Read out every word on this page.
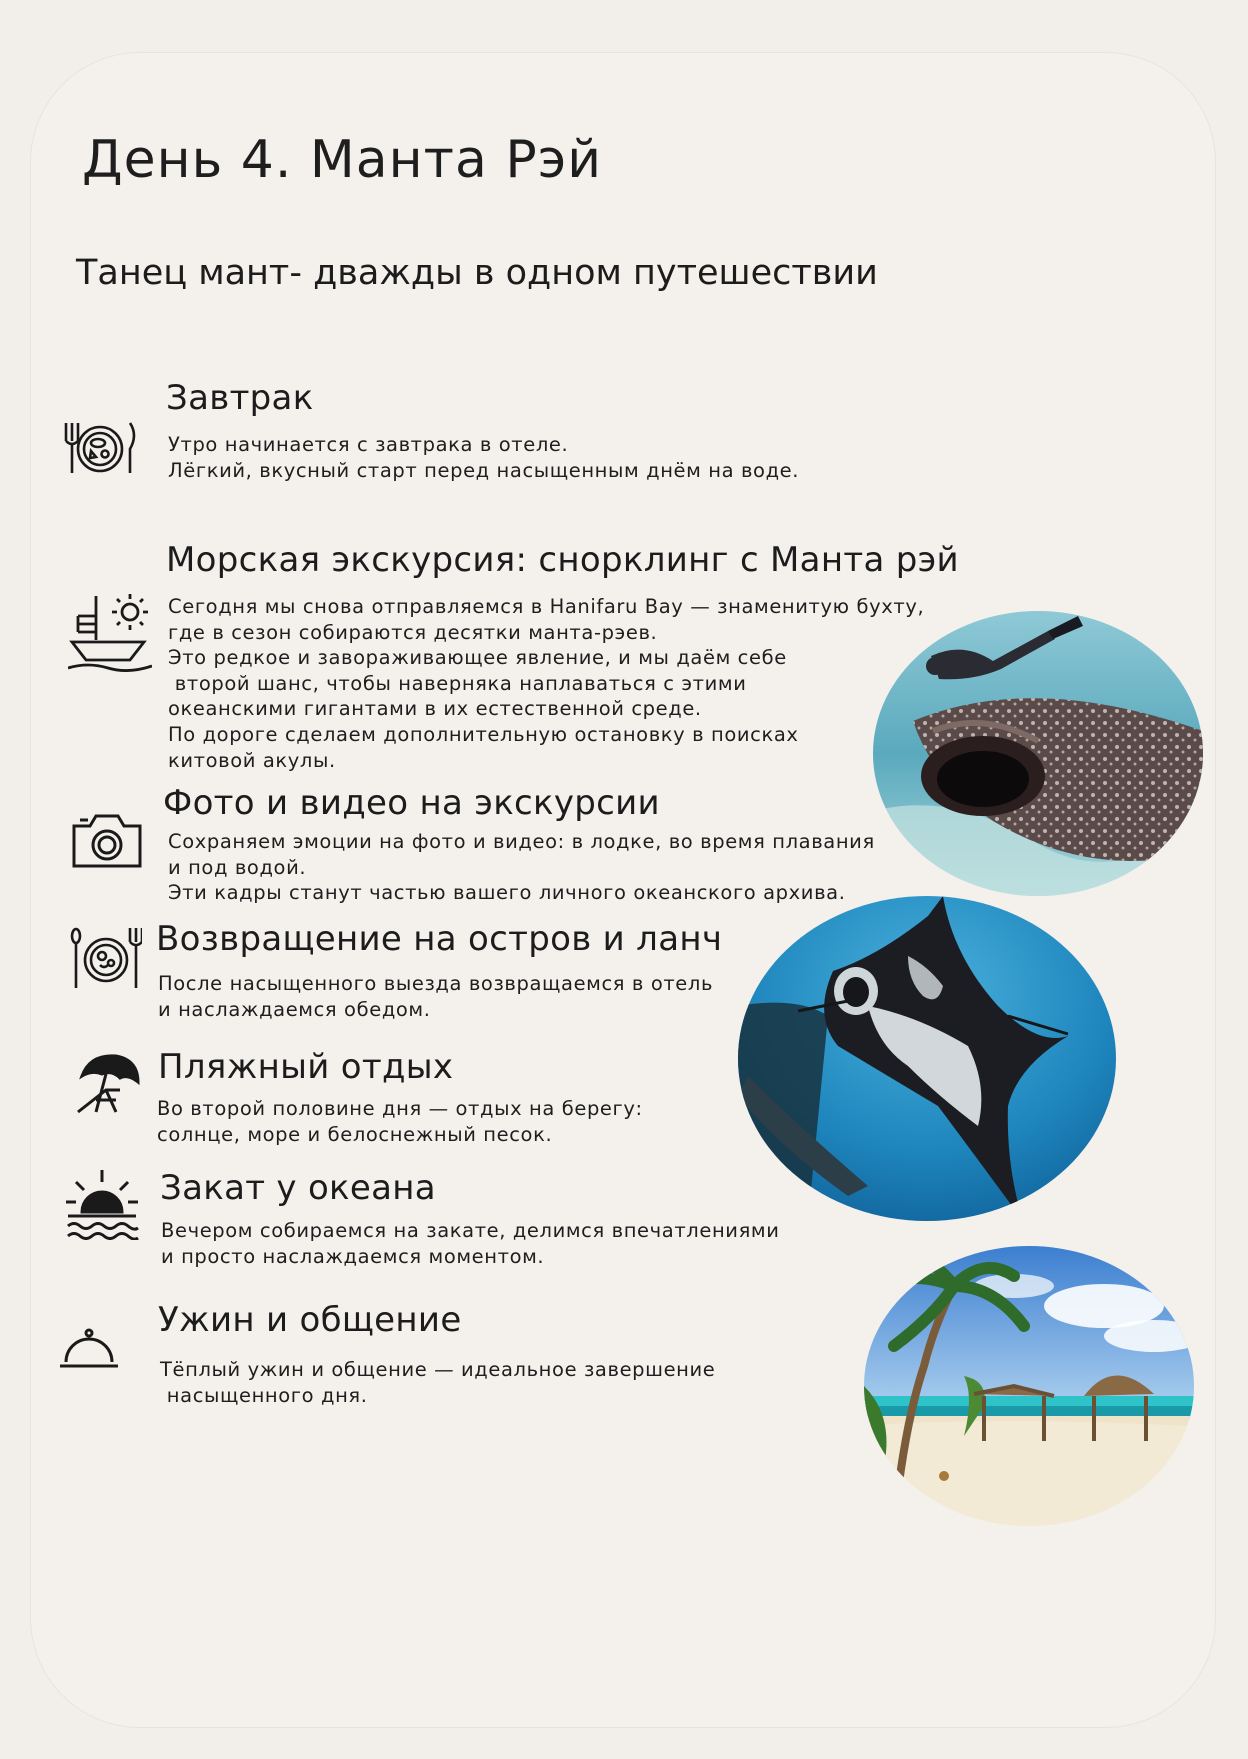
День 4. Манта Рэй
Танец мант- дважды в одном путешествии
Завтрак
Утро начинается с завтрака в отеле.
Лёгкий, вкусный старт перед насыщенным днём на воде.
Морская экскурсия: снорклинг с Манта рэй
Сегодня мы снова отправляемся в Hanifaru Bay — знаменитую бухту,
где в сезон собираются десятки манта-рэев.
Это редкое и завораживающее явление, и мы даём себе
второй шанс, чтобы наверняка наплаваться с этими
океанскими гигантами в их естественной среде.
По дороге сделаем дополнительную остановку в поисках
китовой акулы.
Фото и видео на экскурсии
Сохраняем эмоции на фото и видео: в лодке, во время плавания
и под водой.
Эти кадры станут частью вашего личного океанского архива.
Возвращение на остров и ланч
После насыщенного выезда возвращаемся в отель
и наслаждаемся обедом.
Пляжный отдых
Во второй половине дня — отдых на берегу:
солнце, море и белоснежный песок.
Закат у океана
Вечером собираемся на закате, делимся впечатлениями
и просто наслаждаемся моментом.
Ужин и общение
Тёплый ужин и общение — идеальное завершение
насыщенного дня.
